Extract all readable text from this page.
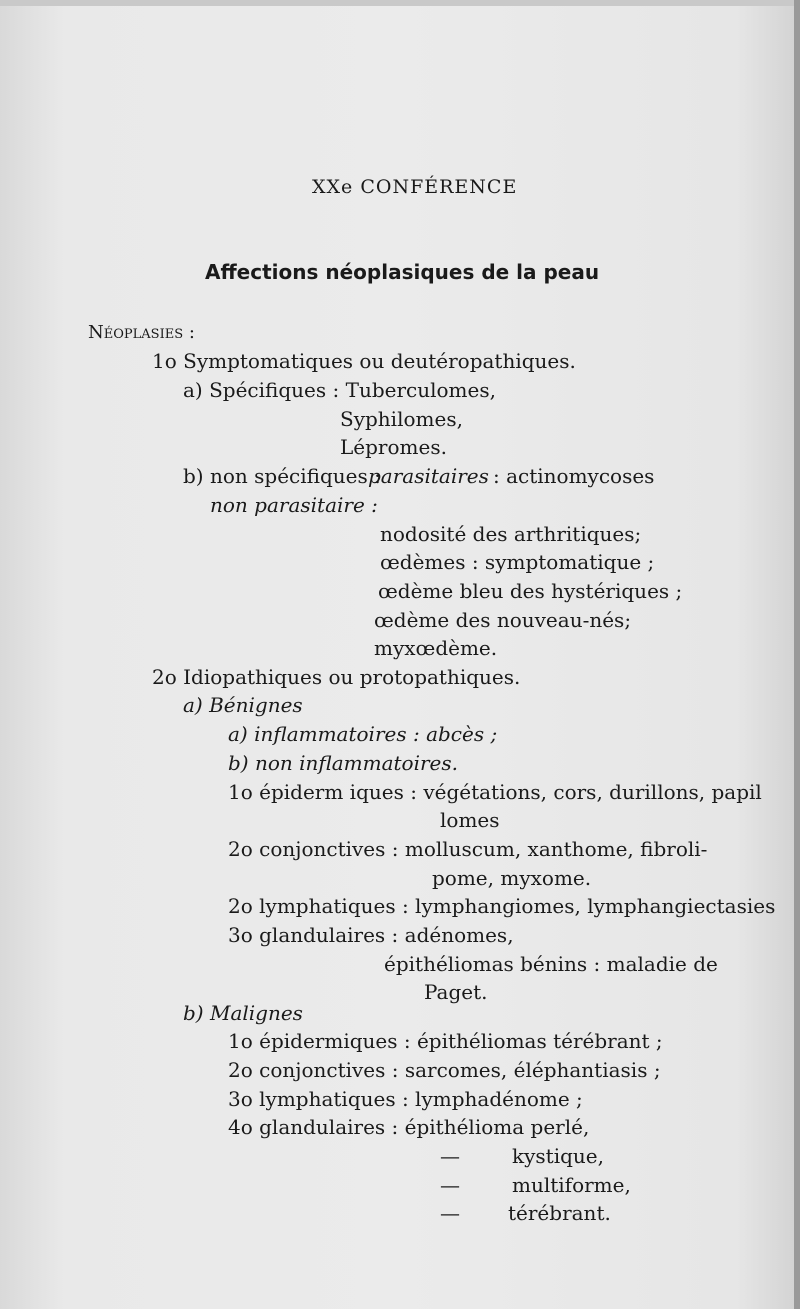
XXe CONFÉRENCE
Affections néoplasiques de la peau
Néoplasies :
1o Symptomatiques ou deutéropathiques.
a) Spécifiques : Tuberculomes,
Syphilomes,
Lépromes.
b) non spécifiques :
parasitaires : actinomycoses
non parasitaire :
nodosité des arthritiques;
œdèmes : symptomatique ;
œdème bleu des hystériques ;
œdème des nouveau-nés;
myxœdème.
2o Idiopathiques ou protopathiques.
a) Bénignes
a) inflammatoires : abcès ;
b) non inflammatoires.
1o épiderm iques : végétations, cors, durillons, papil
lomes
2o conjonctives : molluscum, xanthome, fibroli-
pome, myxome.
2o lymphatiques : lymphangiomes, lymphangiectasies
3o glandulaires : adénomes,
épithéliomas bénins : maladie de
Paget.
b) Malignes
1o épidermiques : épithéliomas térébrant ;
2o conjonctives : sarcomes, éléphantiasis ;
3o lymphatiques : lymphadénome ;
4o glandulaires : épithélioma perlé,
—	kystique,
—	multiforme,
— térébrant.
